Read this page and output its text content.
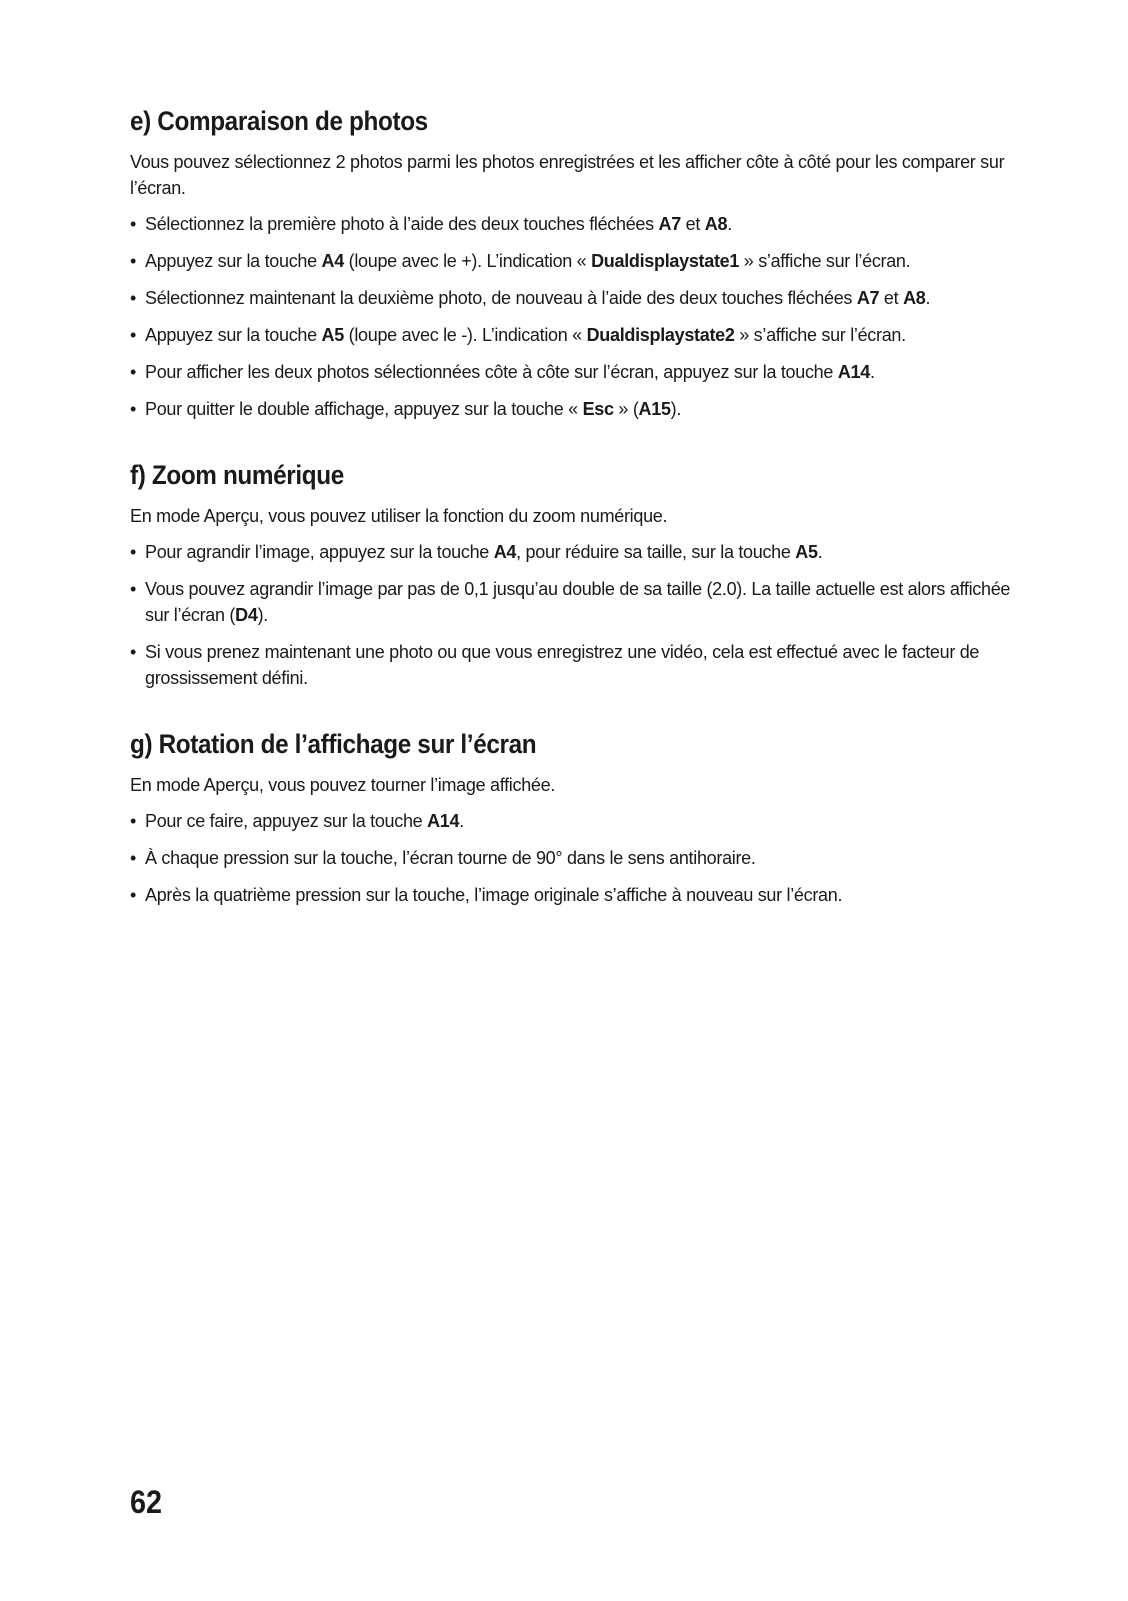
e) Comparaison de photos

Vous pouvez sélectionnez 2 photos parmi les photos enregistrées et les afficher côte à côté pour les comparer sur l’écran.

• Sélectionnez la première photo à l’aide des deux touches fléchées A7 et A8.
• Appuyez sur la touche A4 (loupe avec le +). L’indication « Dualdisplaystate1 » s’affiche sur l’écran.
• Sélectionnez maintenant la deuxième photo, de nouveau à l’aide des deux touches fléchées A7 et A8.
• Appuyez sur la touche A5 (loupe avec le -). L’indication « Dualdisplaystate2 » s’affiche sur l’écran.
• Pour afficher les deux photos sélectionnées côte à côte sur l’écran, appuyez sur la touche A14.
• Pour quitter le double affichage, appuyez sur la touche « Esc » (A15).
f) Zoom numérique

En mode Aperçu, vous pouvez utiliser la fonction du zoom numérique.

• Pour agrandir l’image, appuyez sur la touche A4, pour réduire sa taille, sur la touche A5.
• Vous pouvez agrandir l’image par pas de 0,1 jusqu’au double de sa taille (2.0). La taille actuelle est alors affichée sur l’écran (D4).
• Si vous prenez maintenant une photo ou que vous enregistrez une vidéo, cela est effectué avec le facteur de grossissement défini.
g) Rotation de l’affichage sur l’écran

En mode Aperçu, vous pouvez tourner l’image affichée.

• Pour ce faire, appuyez sur la touche A14.
• À chaque pression sur la touche, l’écran tourne de 90° dans le sens antihoraire.
• Après la quatrième pression sur la touche, l’image originale s’affiche à nouveau sur l’écran.
62
